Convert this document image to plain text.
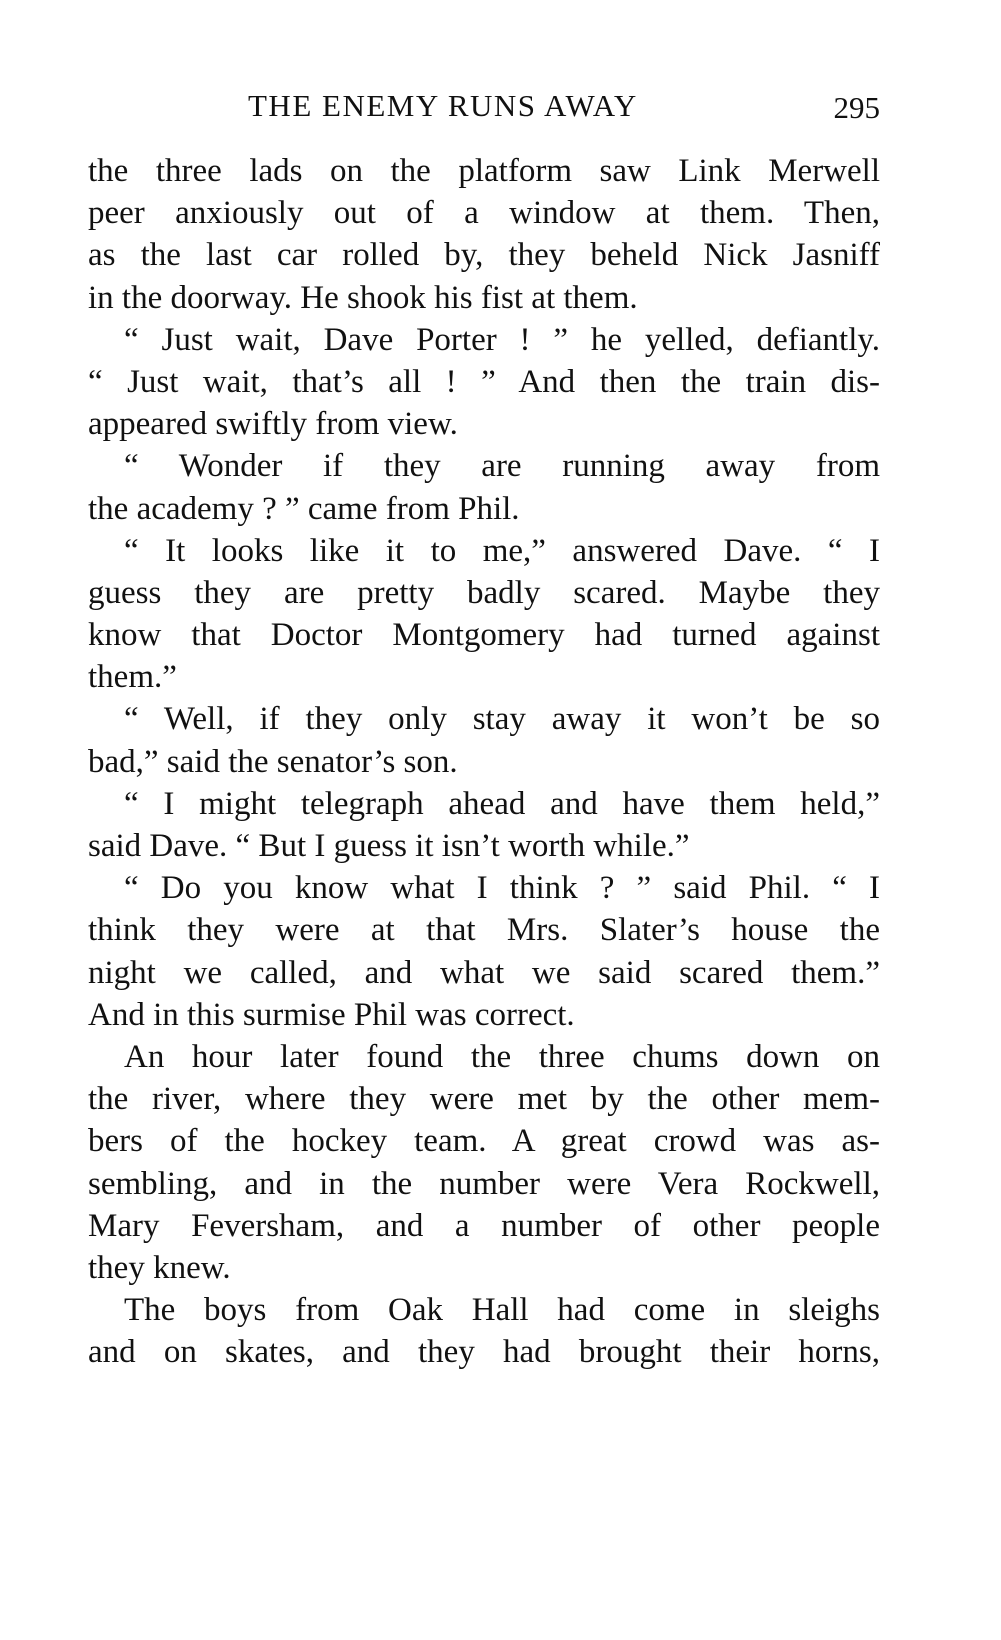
THE ENEMY RUNS AWAY	295
the three lads on the platform saw Link Merwell
peer anxiously out of a window at them. Then,
as the last car rolled by, they beheld Nick Jasniff
in the doorway. He shook his fist at them.
“ Just wait, Dave Porter ! ” he yelled, defiantly.
“ Just wait, that’s all ! ” And then the train dis-
appeared swiftly from view.
“ Wonder if they are running away from
the academy ? ” came from Phil.
“ It looks like it to me,” answered Dave. “ I
guess they are pretty badly scared. Maybe they
know that Doctor Montgomery had turned against
them.”
“ Well, if they only stay away it won’t be so
bad,” said the senator’s son.
“ I might telegraph ahead and have them held,”
said Dave. “ But I guess it isn’t worth while.”
“ Do you know what I think ? ” said Phil. “ I
think they were at that Mrs. Slater’s house the
night we called, and what we said scared them.”
And in this surmise Phil was correct.
An hour later found the three chums down on
the river, where they were met by the other mem-
bers of the hockey team. A great crowd was as-
sembling, and in the number were Vera Rockwell,
Mary Feversham, and a number of other people
they knew.
The boys from Oak Hall had come in sleighs
and on skates, and they had brought their horns,
